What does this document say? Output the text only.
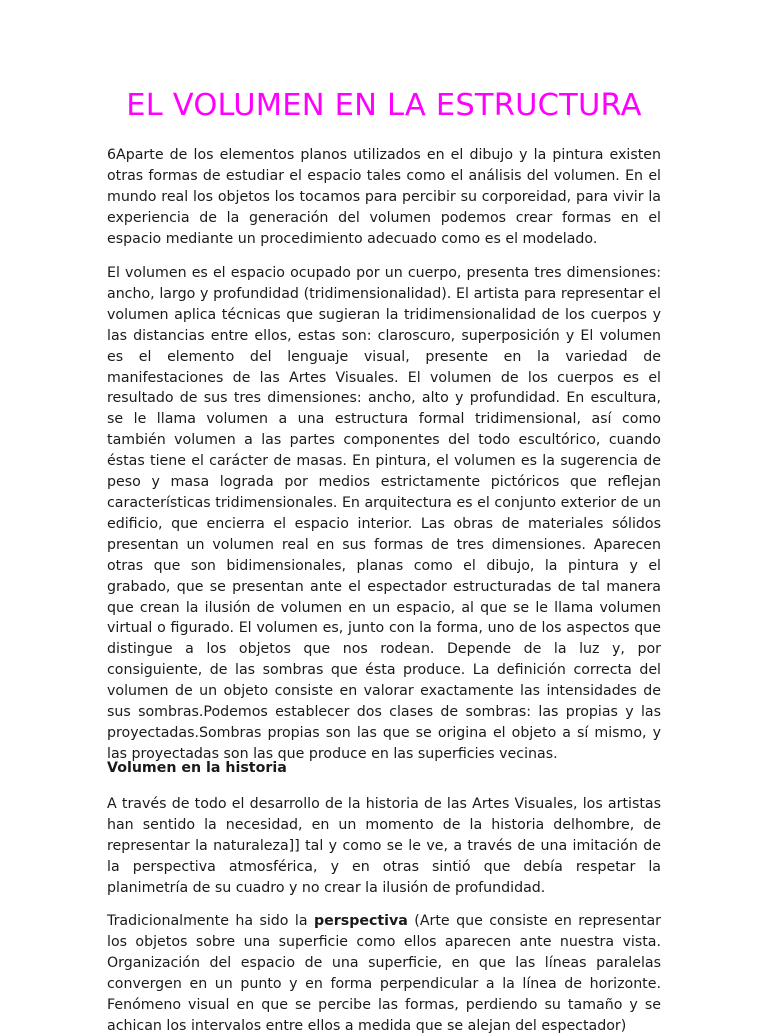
EL VOLUMEN EN LA ESTRUCTURA

6Aparte de los elementos planos utilizados en el dibujo y la pintura existen otras formas de estudiar el espacio tales como el análisis del volumen. En el mundo real los objetos los tocamos para percibir su corporeidad, para vivir la experiencia de la generación del volumen podemos crear formas en el espacio mediante un procedimiento adecuado como es el modelado.

El volumen es el espacio ocupado por un cuerpo, presenta tres dimensiones: ancho, largo y profundidad (tridimensionalidad). El artista para representar el volumen aplica técnicas que sugieran la tridimensionalidad de los cuerpos y las distancias entre ellos, estas son: claroscuro, superposición y El volumen es el elemento del lenguaje visual, presente en la variedad de manifestaciones de las Artes Visuales. El volumen de los cuerpos es el resultado de sus tres dimensiones: ancho, alto y profundidad. En escultura, se le llama volumen a una estructura formal tridimensional, así como también volumen a las partes componentes del todo escultórico, cuando éstas tiene el carácter de masas. En pintura, el volumen es la sugerencia de peso y masa lograda por medios estrictamente pictóricos que reflejan características tridimensionales. En arquitectura es el conjunto exterior de un edificio, que encierra el espacio interior. Las obras de materiales sólidos presentan un volumen real en sus formas de tres dimensiones. Aparecen otras que son bidimensionales, planas como el dibujo, la pintura y el grabado, que se presentan ante el espectador estructuradas de tal manera que crean la ilusión de volumen en un espacio, al que se le llama volumen virtual o figurado. El volumen es, junto con la forma, uno de los aspectos que distingue a los objetos que nos rodean. Depende de la luz y, por consiguiente, de las sombras que ésta produce. La definición correcta del volumen de un objeto consiste en valorar exactamente las intensidades de sus sombras.Podemos establecer dos clases de sombras: las propias y las proyectadas.Sombras propias son las que se origina el objeto a sí mismo, y las proyectadas son las que produce en las superficies vecinas.

Volumen en la historia

A través de todo el desarrollo de la historia de las Artes Visuales, los artistas han sentido la necesidad, en un momento de la historia delhombre, de representar la naturaleza]] tal y como se le ve, a través de una imitación de la perspectiva atmosférica, y en otras sintió que debía respetar la planimetría de su cuadro y no crear la ilusión de profundidad.

Tradicionalmente ha sido la perspectiva (Arte que consiste en representar los objetos sobre una superficie como ellos aparecen ante nuestra vista. Organización del espacio de una superficie, en que las líneas paralelas convergen en un punto y en forma perpendicular a la línea de horizonte. Fenómeno visual en que se percibe las formas, perdiendo su tamaño y se achican los intervalos entre ellos a medida que se alejan del espectador)
